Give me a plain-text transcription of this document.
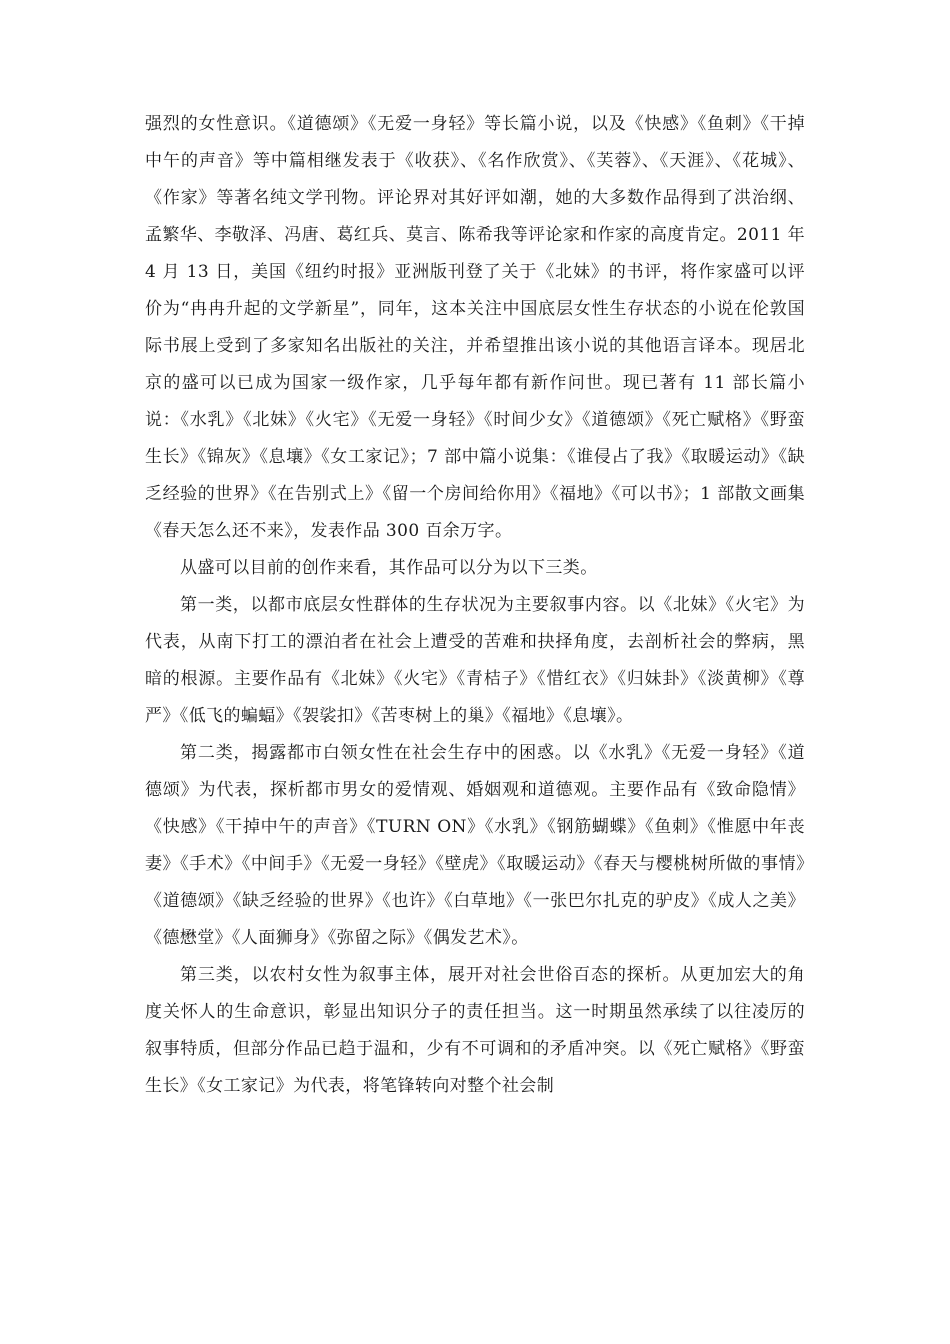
强烈的女性意识。《道德颂》《无爱一身轻》等长篇小说，以及《快感》《鱼刺》《干掉中午的声音》等中篇相继发表于《收获》、《名作欣赏》、《芙蓉》、《天涯》、《花城》、《作家》等著名纯文学刊物。评论界对其好评如潮，她的大多数作品得到了洪治纲、孟繁华、李敬泽、冯唐、葛红兵、莫言、陈希我等评论家和作家的高度肯定。2011 年 4 月 13 日，美国《纽约时报》亚洲版刊登了关于《北妹》的书评，将作家盛可以评价为“冉冉升起的文学新星”，同年，这本关注中国底层女性生存状态的小说在伦敦国际书展上受到了多家知名出版社的关注，并希望推出该小说的其他语言译本。现居北京的盛可以已成为国家一级作家，几乎每年都有新作问世。现已著有 11 部长篇小说：《水乳》《北妹》《火宅》《无爱一身轻》《时间少女》《道德颂》《死亡赋格》《野蛮生长》《锦灰》《息壤》《女工家记》；7 部中篇小说集：《谁侵占了我》《取暖运动》《缺乏经验的世界》《在告别式上》《留一个房间给你用》《福地》《可以书》；1 部散文画集《春天怎么还不来》，发表作品 300 百余万字。

从盛可以目前的创作来看，其作品可以分为以下三类。

第一类，以都市底层女性群体的生存状况为主要叙事内容。以《北妹》《火宅》为代表，从南下打工的漂泊者在社会上遭受的苦难和抉择角度，去剖析社会的弊病，黑暗的根源。主要作品有《北妹》《火宅》《青桔子》《惜红衣》《归妹卦》《淡黄柳》《尊严》《低飞的蝙蝠》《袈裟扣》《苦枣树上的巢》《福地》《息壤》。

第二类，揭露都市白领女性在社会生存中的困惑。以《水乳》《无爱一身轻》《道德颂》为代表，探析都市男女的爱情观、婚姻观和道德观。主要作品有《致命隐情》《快感》《干掉中午的声音》《TURN ON》《水乳》《钢筋蝴蝶》《鱼刺》《惟愿中年丧妻》《手术》《中间手》《无爱一身轻》《壁虎》《取暖运动》《春天与樱桃树所做的事情》《道德颂》《缺乏经验的世界》《也许》《白草地》《一张巴尔扎克的驴皮》《成人之美》《德懋堂》《人面狮身》《弥留之际》《偶发艺术》。

第三类，以农村女性为叙事主体，展开对社会世俗百态的探析。从更加宏大的角度关怀人的生命意识，彰显出知识分子的责任担当。这一时期虽然承续了以往凌厉的叙事特质，但部分作品已趋于温和，少有不可调和的矛盾冲突。以《死亡赋格》《野蛮生长》《女工家记》为代表，将笔锋转向对整个社会制
